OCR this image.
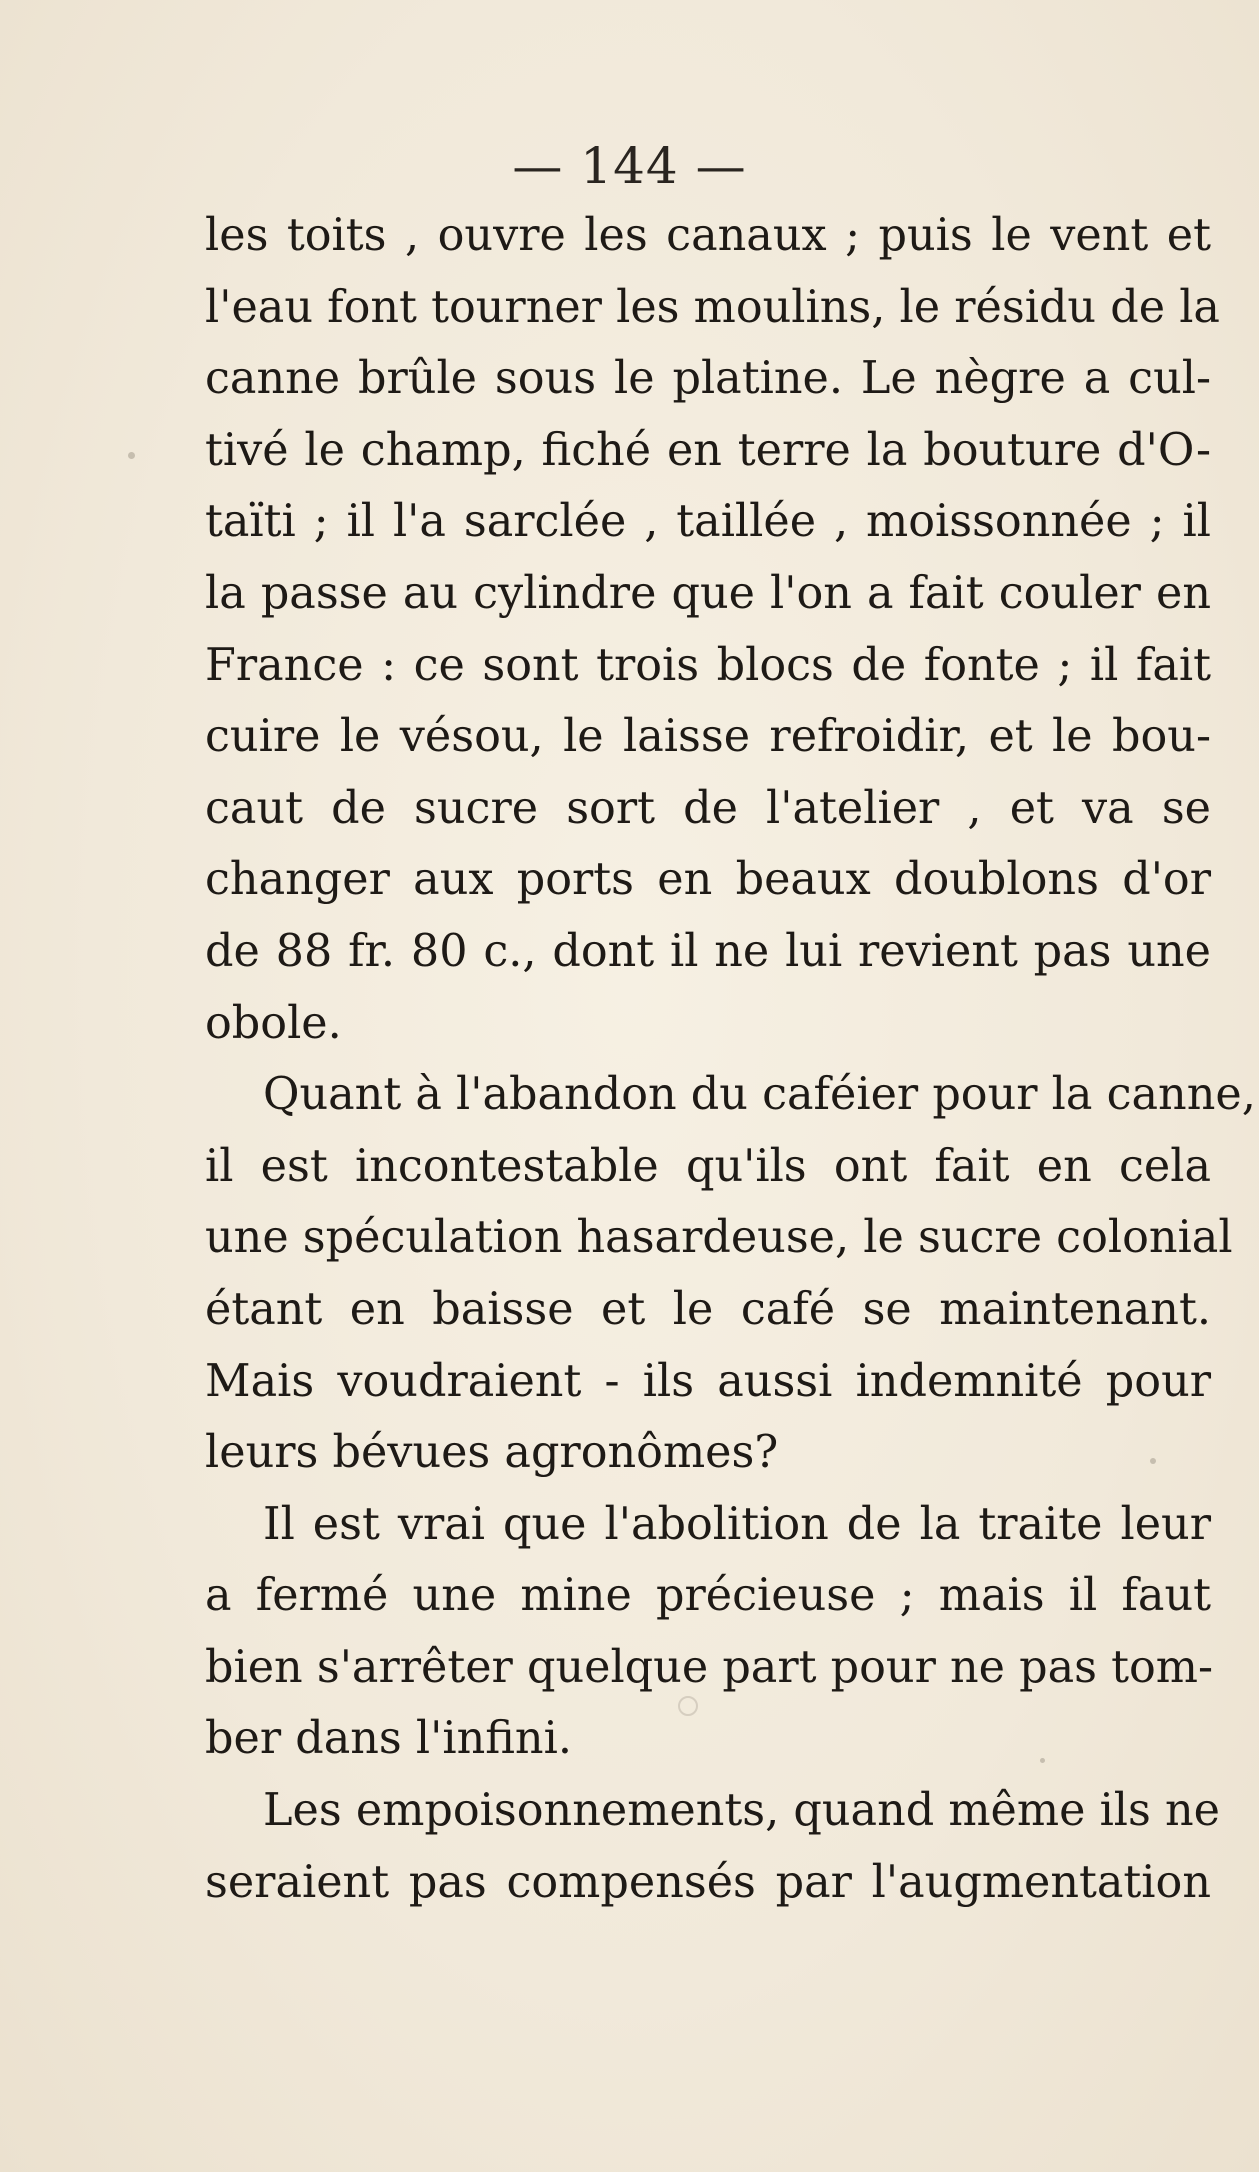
— 144 —
les toits , ouvre les canaux ; puis le vent et
l'eau font tourner les moulins, le résidu de la
canne brûle sous le platine. Le nègre a cul-
tivé le champ, fiché en terre la bouture d'O-
taïti ; il l'a sarclée , taillée , moissonnée ; il
la passe au cylindre que l'on a fait couler en
France : ce sont trois blocs de fonte ; il fait
cuire le vésou, le laisse refroidir, et le bou-
caut de sucre sort de l'atelier , et va se
changer aux ports en beaux doublons d'or
de 88 fr. 80 c., dont il ne lui revient pas une
obole.
Quant à l'abandon du caféier pour la canne,
il est incontestable qu'ils ont fait en cela
une spéculation hasardeuse, le sucre colonial
étant en baisse et le café se maintenant.
Mais voudraient - ils aussi indemnité pour
leurs bévues agronômes?
Il est vrai que l'abolition de la traite leur
a fermé une mine précieuse ; mais il faut
bien s'arrêter quelque part pour ne pas tom-
ber dans l'infini.
Les empoisonnements, quand même ils ne
seraient pas compensés par l'augmentation
